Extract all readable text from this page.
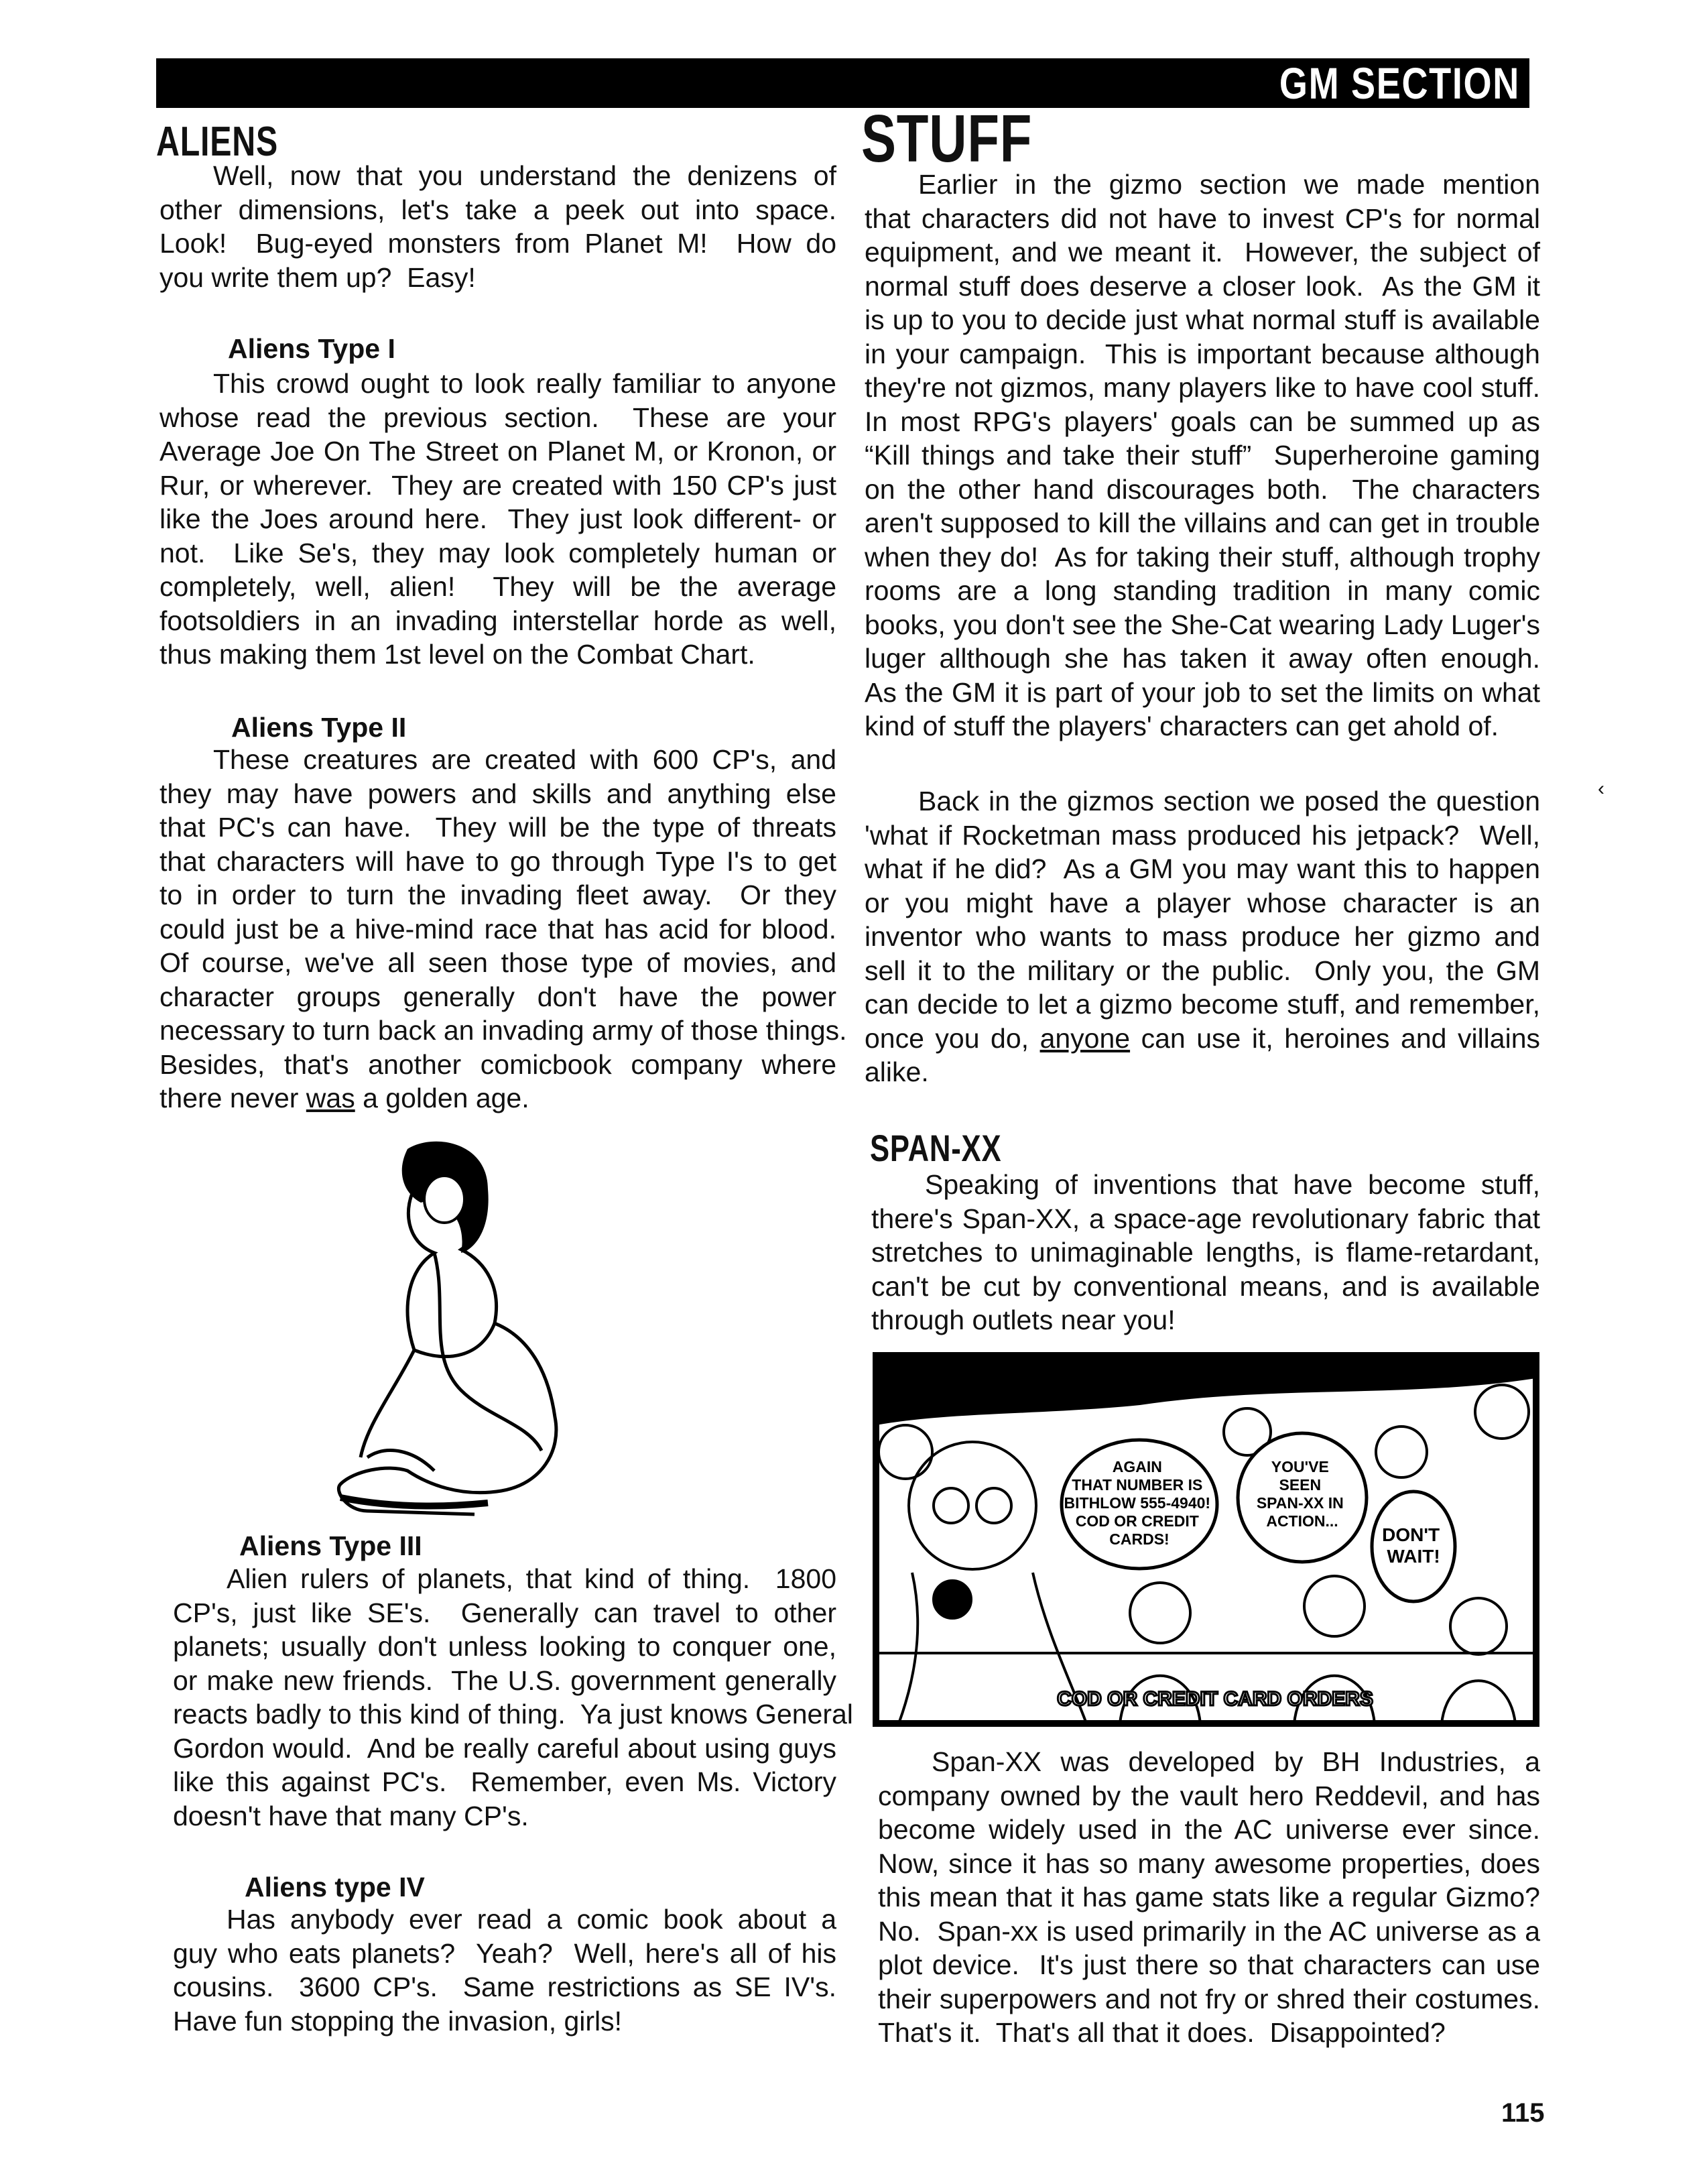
GM SECTION
ALIENS	STUFF
SPAN-XX
Aliens Type I
Aliens Type II
Aliens Type III
Aliens type IV
AGAIN THAT NUMBER IS BITHLOW 555-4940! COD OR CREDIT CARDS!
YOU'VE SEEN SPAN-XX IN ACTION...
DON'T WAIT!
COD OR CREDIT CARD ORDERS
Well, now that you understand the denizens of
other dimensions, let's take a peek out into space.
Look!  Bug-eyed monsters from Planet M!  How do
you write them up?  Easy!
This crowd ought to look really familiar to anyone
whose read the previous section.  These are your
Average Joe On The Street on Planet M, or Kronon, or
Rur, or wherever.  They are created with 150 CP's just
like the Joes around here.  They just look different- or
not.  Like Se's, they may look completely human or
completely, well, alien!  They will be the average
footsoldiers in an invading interstellar horde as well,
thus making them 1st level on the Combat Chart.
These creatures are created with 600 CP's, and
they may have powers and skills and anything else
that PC's can have.  They will be the type of threats
that characters will have to go through Type I's to get
to in order to turn the invading fleet away.  Or they
could just be a hive-mind race that has acid for blood.
Of course, we've all seen those type of movies, and
character groups generally don't have the power
necessary to turn back an invading army of those things.
Besides, that's another comicbook company where
there never was a golden age.
Alien rulers of planets, that kind of thing.  1800
CP's, just like SE's.  Generally can travel to other
planets; usually don't unless looking to conquer one,
or make new friends.  The U.S. government generally
reacts badly to this kind of thing.  Ya just knows General
Gordon would.  And be really careful about using guys
like this against PC's.  Remember, even Ms. Victory
doesn't have that many CP's.
Has anybody ever read a comic book about a
guy who eats planets?  Yeah?  Well, here's all of his
cousins.  3600 CP's.  Same restrictions as SE IV's.
Have fun stopping the invasion, girls!
Earlier in the gizmo section we made mention
that characters did not have to invest CP's for normal
equipment, and we meant it.  However, the subject of
normal stuff does deserve a closer look.  As the GM it
is up to you to decide just what normal stuff is available
in your campaign.  This is important because although
they're not gizmos, many players like to have cool stuff.
In most RPG's players' goals can be summed up as
“Kill things and take their stuff”  Superheroine gaming
on the other hand discourages both.  The characters
aren't supposed to kill the villains and can get in trouble
when they do!  As for taking their stuff, although trophy
rooms are a long standing tradition in many comic
books, you don't see the She-Cat wearing Lady Luger's
luger allthough she has taken it away often enough.
As the GM it is part of your job to set the limits on what
kind of stuff the players' characters can get ahold of.
Back in the gizmos section we posed the question
'what if Rocketman mass produced his jetpack?  Well,
what if he did?  As a GM you may want this to happen
or you might have a player whose character is an
inventor who wants to mass produce her gizmo and
sell it to the military or the public.  Only you, the GM
can decide to let a gizmo become stuff, and remember,
once you do, anyone can use it, heroines and villains
alike.
Speaking of inventions that have become stuff,
there's Span-XX, a space-age revolutionary fabric that
stretches to unimaginable lengths, is flame-retardant,
can't be cut by conventional means, and is available
through outlets near you!
Span-XX was developed by BH Industries, a
company owned by the vault hero Reddevil, and has
become widely used in the AC universe ever since.
Now, since it has so many awesome properties, does
this mean that it has game stats like a regular Gizmo?
No.  Span-xx is used primarily in the AC universe as a
plot device.  It's just there so that characters can use
their superpowers and not fry or shred their costumes.
That's it.  That's all that it does.  Disappointed?
‹
115
